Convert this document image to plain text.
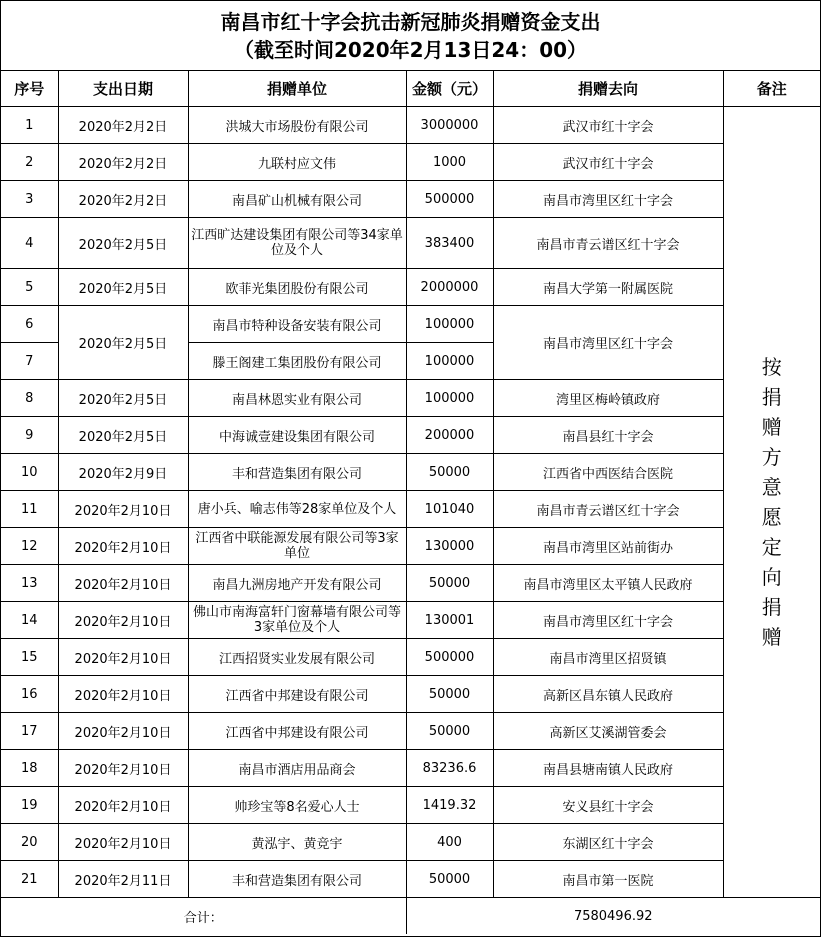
南昌市红十字会抗击新冠肺炎捐赠资金支出
（截至时间2020年2月13日24：00）
序号	支出日期	捐赠单位	金额（元）	捐赠去向	备注
1	2020年2月2日	洪城大市场股份有限公司	3000000	武汉市红十字会	按捐赠方意愿定向捐赠
2	2020年2月2日	九联村应文伟	1000	武汉市红十字会	
3	2020年2月2日	南昌矿山机械有限公司	500000	南昌市湾里区红十字会	
4	2020年2月5日	江西旷达建设集团有限公司等34家单位及个人	383400	南昌市青云谱区红十字会	
5	2020年2月5日	欧菲光集团股份有限公司	2000000	南昌大学第一附属医院	
6	2020年2月5日	南昌市特种设备安装有限公司	100000	南昌市湾里区红十字会	
7		滕王阁建工集团股份有限公司	100000		
8	2020年2月5日	南昌林恩实业有限公司	100000	湾里区梅岭镇政府	
9	2020年2月5日	中海诚壹建设集团有限公司	200000	南昌县红十字会	
10	2020年2月9日	丰和营造集团有限公司	50000	江西省中西医结合医院	
11	2020年2月10日	唐小兵、喻志伟等28家单位及个人	101040	南昌市青云谱区红十字会	
12	2020年2月10日	江西省中联能源发展有限公司等3家单位	130000	南昌市湾里区站前街办	
13	2020年2月10日	南昌九洲房地产开发有限公司	50000	南昌市湾里区太平镇人民政府	
14	2020年2月10日	佛山市南海富轩门窗幕墙有限公司等3家单位及个人	130001	南昌市湾里区红十字会	
15	2020年2月10日	江西招贤实业发展有限公司	500000	南昌市湾里区招贤镇	
16	2020年2月10日	江西省中邦建设有限公司	50000	高新区昌东镇人民政府	
17	2020年2月10日	江西省中邦建设有限公司	50000	高新区艾溪湖管委会	
18	2020年2月10日	南昌市酒店用品商会	83236.6	南昌县塘南镇人民政府	
19	2020年2月10日	帅珍宝等8名爱心人士	1419.32	安义县红十字会	
20	2020年2月10日	黄泓宇、黄竞宇	400	东湖区红十字会	
21	2020年2月11日	丰和营造集团有限公司	50000	南昌市第一医院	
合计：			7580496.92		
